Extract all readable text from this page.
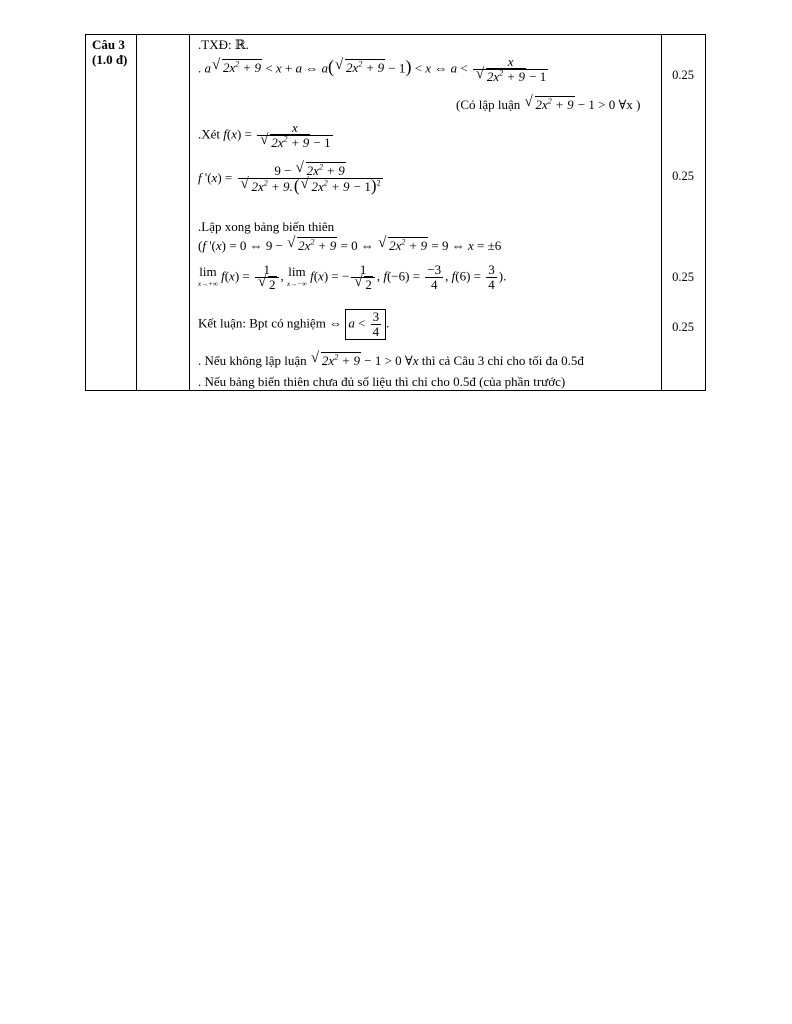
Câu 3
(1.0 đ)
.TXĐ: ℝ.
. a√ $2x^2 + 9 < x + a$ ⇔ a(√ $2x^2 + 9 - 1) < x$ ⇔ a < x
√ $2x^2 + 9 - 1$
(Có lập luận √ $2x^2 + 9 - 1 > 0$ ∀x )
.Xét f(x) = x
√ $2x^2 + 9 - 1$
f '(x) = 9 − √ $2x^2 + 9$
√ $2x^2 + 9.(√$ $2x^2 + 9 - 1)^2$
.Lập xong bảng biến thiên
(f '(x) = 0 ⇔ 9 − √ $2x^2 + 9 = 0$ ⇔ √ $2x^2 + 9 = 9$ ⇔ x = ±6
lim
x→+∞
f(x) = 1
√ 2 , lim
x→−∞
f(x) = − 1
√ 2 , $f(-6) = \frac{-3}{4}$ , $f(6) = \frac{3}{4}$ ).
Kết luận: Bpt có nghiệm ⇔ $a < \frac{3}{4}$ .
. Nếu không lập luận √ $2x^2 + 9 - 1 > 0$ ∀x thì cả Câu 3 chỉ cho tối đa 0.5đ
. Nếu bảng biến thiên chưa đủ số liệu thì chỉ cho 0.5đ (của phần trước)
0.25
0.25
0.25
0.25
